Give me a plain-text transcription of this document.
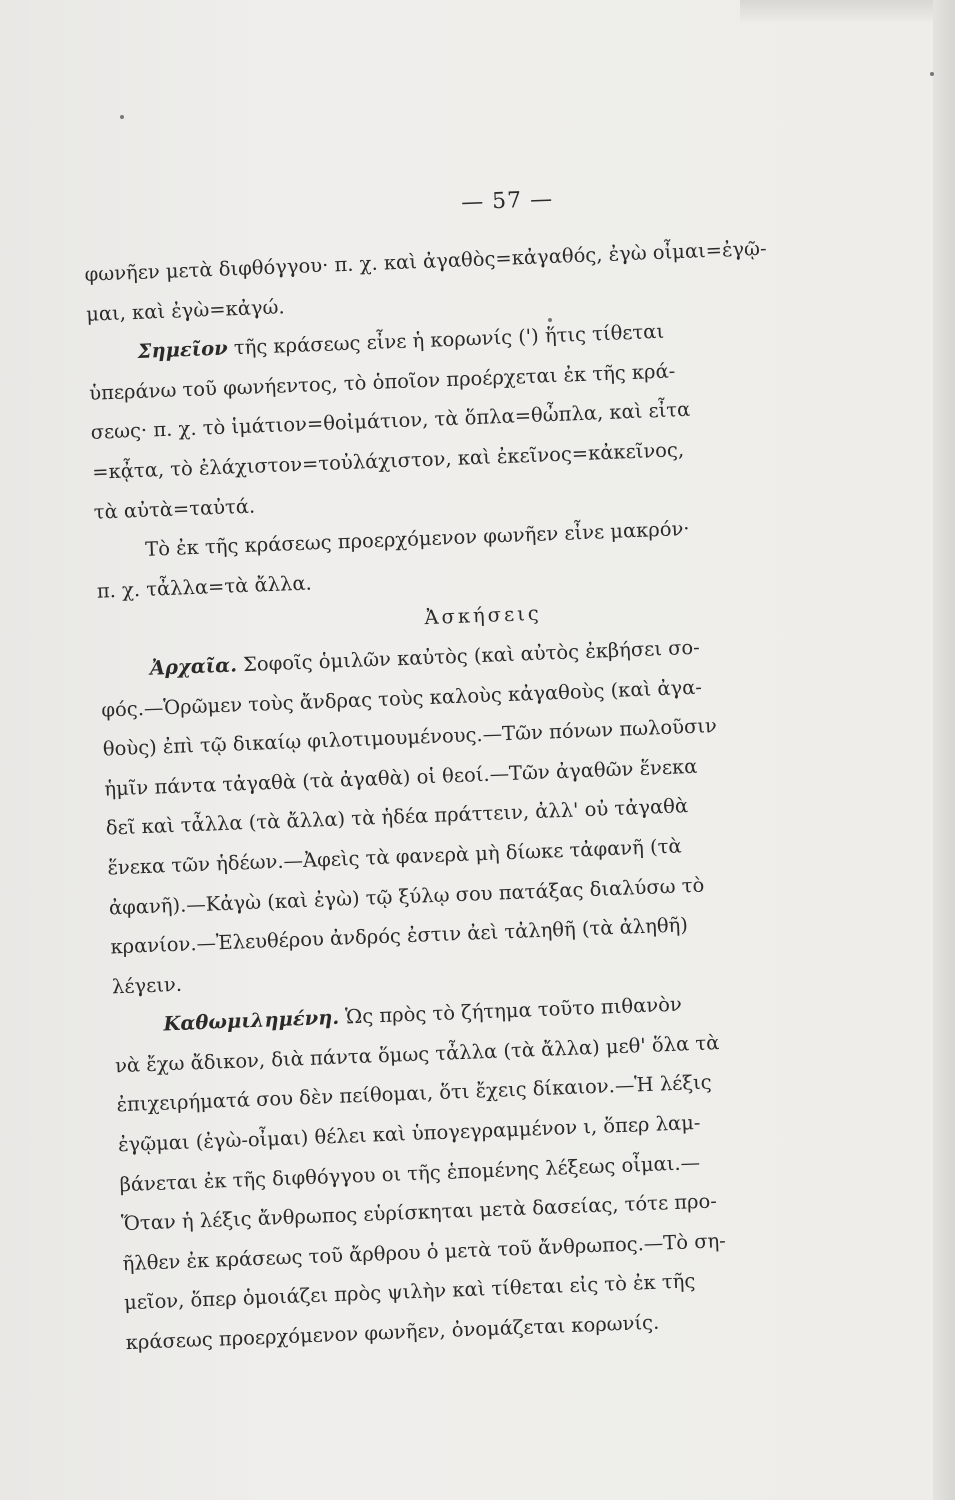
— 57 —
φωνῆεν μετὰ διφθόγγου· π. χ. καὶ ἀγαθὸς=κἀγαθός, ἐγὼ οἶμαι=ἐγῷ-
μαι, καὶ ἐγὼ=κἀγώ.
Σημεῖον τῆς κράσεως εἶνε ἡ κορωνίς (') ἥτις τίθεται
ὑπεράνω τοῦ φωνήεντος, τὸ ὁποῖον προέρχεται ἐκ τῆς κρά-
σεως· π. χ. τὸ ἱμάτιον=θοἰμάτιον, τὰ ὅπλα=θὦπλα, καὶ εἶτα
=κᾆτα, τὸ ἐλάχιστον=τοὐλάχιστον, καὶ ἐκεῖνος=κἀκεῖνος,
τὰ αὐτὰ=ταὐτά.
Τὸ ἐκ τῆς κράσεως προερχόμενον φωνῆεν εἶνε μακρόν·
π. χ. τἆλλα=τὰ ἄλλα.
Ἀσκήσεις
Ἀρχαῖα. Σοφοῖς ὁμιλῶν καὐτὸς (καὶ αὐτὸς ἐκβήσει σο-
φός.—Ὁρῶμεν τοὺς ἄνδρας τοὺς καλοὺς κἀγαθοὺς (καὶ ἀγα-
θοὺς) ἐπὶ τῷ δικαίῳ φιλοτιμουμένους.—Τῶν πόνων πωλοῦσιν
ἡμῖν πάντα τἀγαθὰ (τὰ ἀγαθὰ) οἱ θεοί.—Τῶν ἀγαθῶν ἕνεκα
δεῖ καὶ τἆλλα (τὰ ἄλλα) τὰ ἡδέα πράττειν, ἀλλ' οὐ τἀγαθὰ
ἕνεκα τῶν ἡδέων.—Ἀφεὶς τὰ φανερὰ μὴ δίωκε τἀφανῆ (τὰ
ἀφανῆ).—Κἀγὼ (καὶ ἐγὼ) τῷ ξύλῳ σου πατάξας διαλύσω τὸ
κρανίον.—Ἐλευθέρου ἀνδρός ἐστιν ἀεὶ τἀληθῆ (τὰ ἀληθῆ)
λέγειν.
Καθωμιλημένη. Ὡς πρὸς τὸ ζήτημα τοῦτο πιθανὸν
νὰ ἔχω ἄδικον, διὰ πάντα ὅμως τἆλλα (τὰ ἄλλα) μεθ' ὅλα τὰ
ἐπιχειρήματά σου δὲν πείθομαι, ὅτι ἔχεις δίκαιον.—Ἡ λέξις
ἐγῷμαι (ἐγὼ-οἶμαι) θέλει καὶ ὑπογεγραμμένον ι, ὅπερ λαμ-
βάνεται ἐκ τῆς διφθόγγου οι τῆς ἑπομένης λέξεως οἶμαι.—
Ὅταν ἡ λέξις ἄνθρωπος εὑρίσκηται μετὰ δασείας, τότε προ-
ῆλθεν ἐκ κράσεως τοῦ ἄρθρου ὁ μετὰ τοῦ ἄνθρωπος.—Τὸ ση-
μεῖον, ὅπερ ὁμοιάζει πρὸς ψιλὴν καὶ τίθεται εἰς τὸ ἐκ τῆς
κράσεως προερχόμενον φωνῆεν, ὀνομάζεται κορωνίς.
